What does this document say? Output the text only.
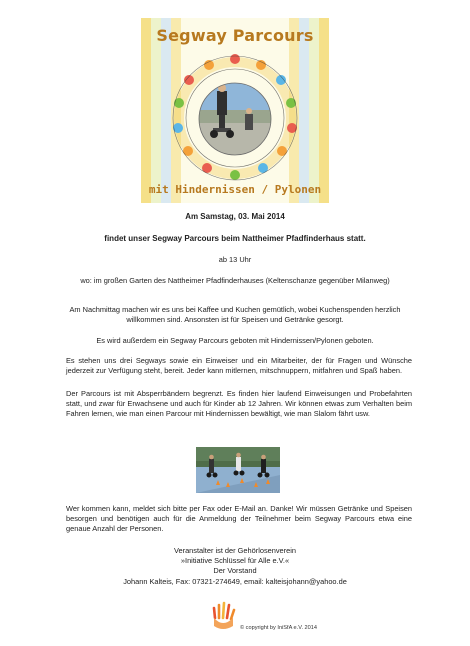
Segway Parcours
mit Hindernissen / Pylonen
Am Samstag, 03. Mai 2014
findet unser Segway Parcours beim Nattheimer Pfadfinderhaus statt.
ab 13 Uhr
wo: im großen Garten des Nattheimer Pfadfinderhauses (Keltenschanze gegenüber Milanweg)
Am Nachmittag machen wir es uns bei Kaffee und Kuchen gemütlich, wobei Kuchenspenden herzlich
willkommen sind. Ansonsten ist für Speisen und Getränke gesorgt.
Es wird außerdem ein Segway Parcours geboten mit Hindernissen/Pylonen geboten.
Es stehen uns drei Segways sowie ein Einweiser und ein Mitarbeiter, der für Fragen und Wünsche jederzeit zur Verfügung steht, bereit. Jeder kann mitlernen, mitschnuppern, mitfahren und Spaß haben.
Der Parcours ist mit Absperrbändern begrenzt. Es finden hier laufend Einweisungen und Probefahrten statt, und zwar für Erwachsene und auch für Kinder ab 12 Jahren. Wir können etwas zum Verhalten beim Fahren lernen, wie man einen Parcour mit Hindernissen bewältigt, wie man Slalom fährt usw.
Wer kommen kann, meldet sich bitte per Fax oder E-Mail an. Danke! Wir müssen Getränke und Speisen besorgen und benötigen auch für die Anmeldung der Teilnehmer beim Segway Parcours etwa eine genaue Anzahl der Personen.
Veranstalter ist der Gehörlosenverein
»Initiative Schlüssel für Alle e.V.«
Der Vorstand
Johann Kalteis, Fax: 07321-274649, email: kalteisjohann@yahoo.de
© copyright by IniSfA e.V. 2014
